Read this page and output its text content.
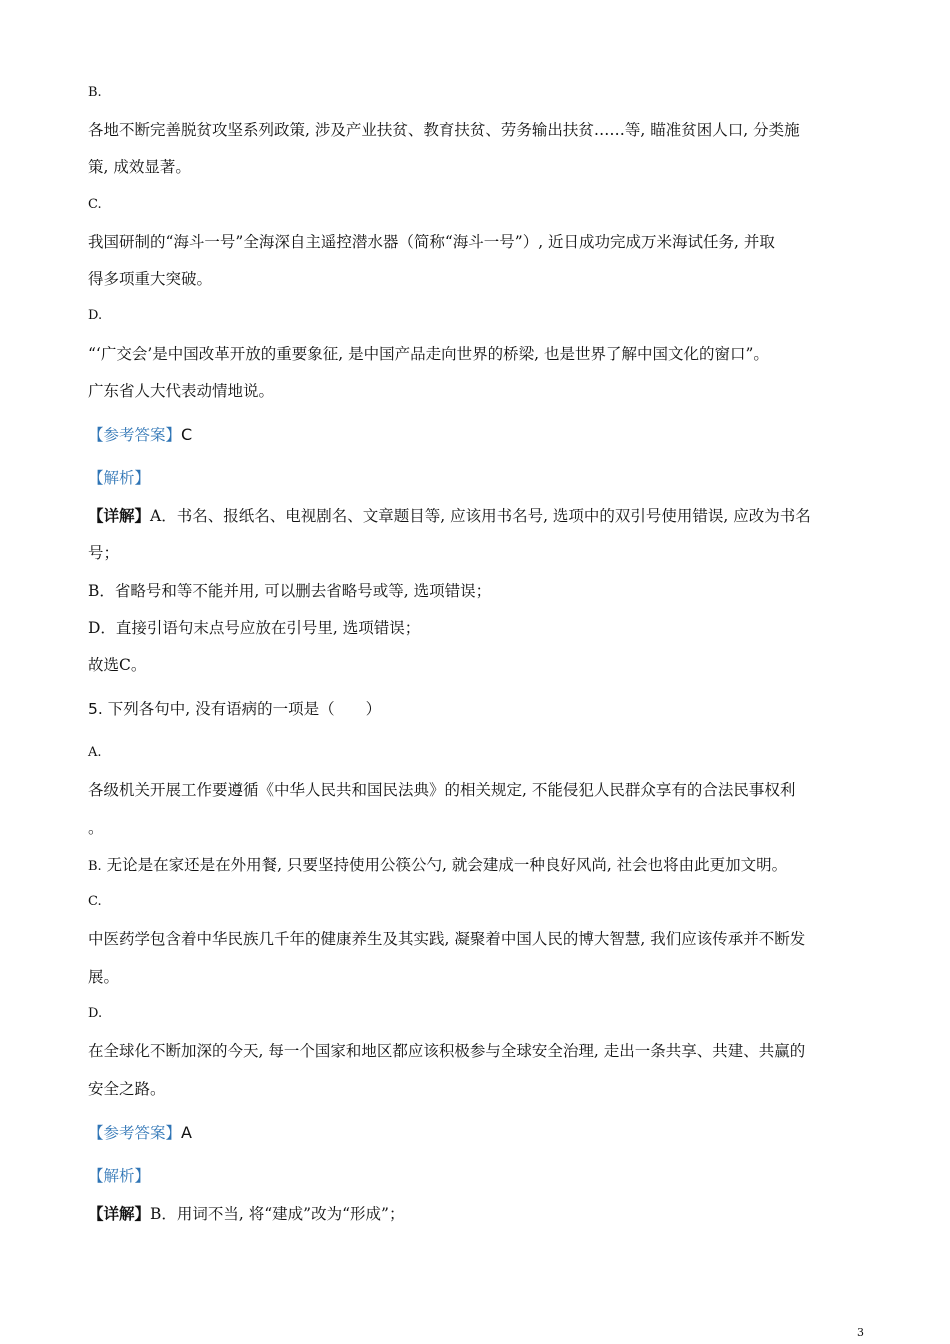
B.
各地不断完善脱贫攻坚系列政策, 涉及产业扶贫、教育扶贫、劳务输出扶贫……等, 瞄准贫困人口, 分类施
策, 成效显著。
C.
我国研制的“海斗一号”全海深自主遥控潜水器（简称“海斗一号”）, 近日成功完成万米海试任务, 并取
得多项重大突破。
D.
“‘广交会’是中国改革开放的重要象征, 是中国产品走向世界的桥梁, 也是世界了解中国文化的窗口”。
广东省人大代表动情地说。
【参考答案】C
【解析】
【详解】A．书名、报纸名、电视剧名、文章题目等, 应该用书名号, 选项中的双引号使用错误, 应改为书名
号；
B．省略号和等不能并用, 可以删去省略号或等, 选项错误；
D．直接引语句末点号应放在引号里, 选项错误；
故选C。
5. 下列各句中, 没有语病的一项是（　　）
A.
各级机关开展工作要遵循《中华人民共和国民法典》的相关规定, 不能侵犯人民群众享有的合法民事权利
。
B. 无论是在家还是在外用餐, 只要坚持使用公筷公勺, 就会建成一种良好风尚, 社会也将由此更加文明。
C.
中医药学包含着中华民族几千年的健康养生及其实践, 凝聚着中国人民的博大智慧, 我们应该传承并不断发
展。
D.
在全球化不断加深的今天, 每一个国家和地区都应该积极参与全球安全治理, 走出一条共享、共建、共赢的
安全之路。
【参考答案】A
【解析】
【详解】B．用词不当, 将“建成”改为“形成”；
3
